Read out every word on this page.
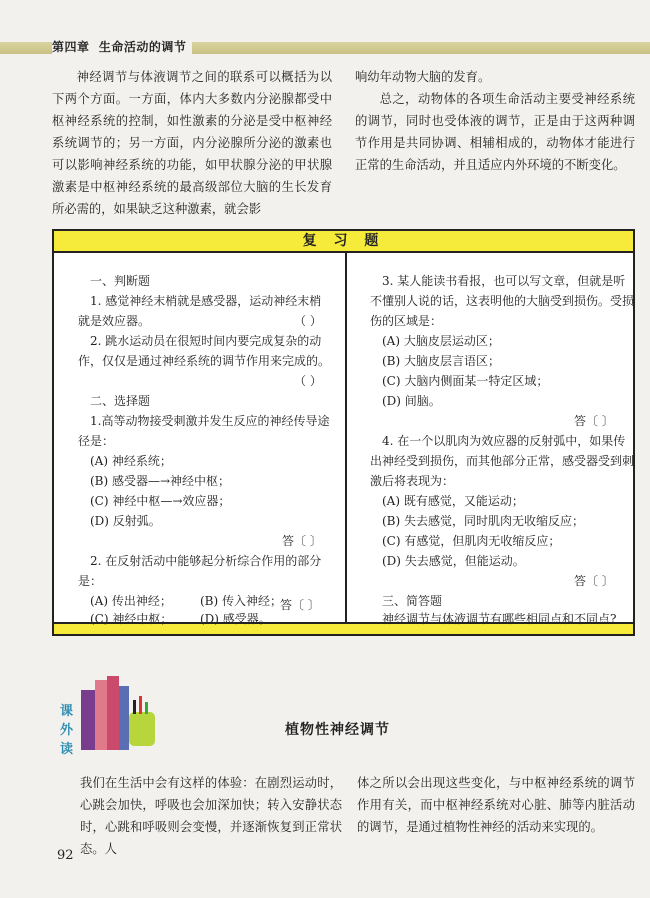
第四章 生命活动的调节

神经调节与体液调节之间的联系可以概括为以下两个方面。一方面，体内大多数内分泌腺都受中枢神经系统的控制，如性激素的分泌是受中枢神经系统调节的；另一方面，内分泌腺所分泌的激素也可以影响神经系统的功能，如甲状腺分泌的甲状腺激素是中枢神经系统的最高级部位大脑的生长发育所必需的，如果缺乏这种激素，就会影

响幼年动物大脑的发育。

总之，动物体的各项生命活动主要受神经系统的调节，同时也受体液的调节，正是由于这两种调节作用是共同协调、相辅相成的，动物体才能进行正常的生命活动，并且适应内外环境的不断变化。

复 习 题
一、判断题
1. 感觉神经末梢就是感受器，运动神经末梢
就是效应器。	（ ）
2. 跳水运动员在很短时间内要完成复杂的动
作，仅仅是通过神经系统的调节作用来完成的。
（ ）
二、选择题
1.高等动物接受刺激并发生反应的神经传导途
径是：
(A) 神经系统；
(B) 感受器—→神经中枢；
(C) 神经中枢—→效应器；
(D) 反射弧。
答〔 〕
2. 在反射活动中能够起分析综合作用的部分
是：
(A) 传出神经； (B) 传入神经；
(C) 神经中枢； (D) 感受器。
3. 某人能读书看报，也可以写文章，但就是听
不懂别人说的话，这表明他的大脑受到损伤。受损
伤的区域是：
(A) 大脑皮层运动区；
(B) 大脑皮层言语区；
(C) 大脑内侧面某一特定区域；
(D) 间脑。
答〔 〕
4. 在一个以肌肉为效应器的反射弧中，如果传
出神经受到损伤，而其他部分正常，感受器受到刺
激后将表现为：
(A) 既有感觉，又能运动；
(B) 失去感觉，同时肌肉无收缩反应；
(C) 有感觉，但肌肉无收缩反应；
(D) 失去感觉，但能运动。
答〔 〕
三、简答题
神经调节与体液调节有哪些相同点和不同点?
答〔 〕
课
外
读
植物性神经调节
我们在生活中会有这样的体验：在剧烈运动时，心跳会加快，呼吸也会加深加快；转入安静状态时，心跳和呼吸则会变慢，并逐渐恢复到正常状态。人
体之所以会出现这些变化，与中枢神经系统的调节作用有关，而中枢神经系统对心脏、肺等内脏活动的调节，是通过植物性神经的活动来实现的。
92
